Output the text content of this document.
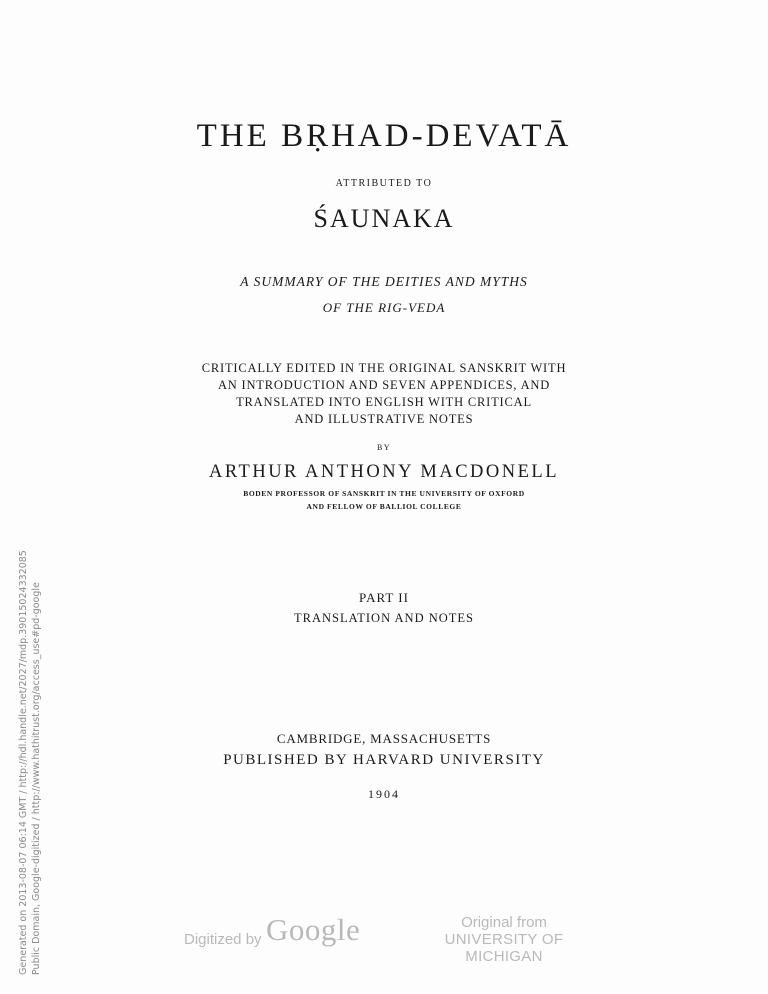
THE BṚHAD-DEVATĀ
ATTRIBUTED TO
ŚAUNAKA
A SUMMARY OF THE DEITIES AND MYTHS
OF THE RIG-VEDA
CRITICALLY EDITED IN THE ORIGINAL SANSKRIT WITH
AN INTRODUCTION AND SEVEN APPENDICES, AND
TRANSLATED INTO ENGLISH WITH CRITICAL
AND ILLUSTRATIVE NOTES
BY
ARTHUR ANTHONY MACDONELL
BODEN PROFESSOR OF SANSKRIT IN THE UNIVERSITY OF OXFORD
AND FELLOW OF BALLIOL COLLEGE
PART II
TRANSLATION AND NOTES
CAMBRIDGE, MASSACHUSETTS
PUBLISHED BY HARVARD UNIVERSITY
1904
Generated on 2013-08-07 06:14 GMT / http://hdl.handle.net/2027/mdp.39015024332085 Public Domain, Google-digitized / http://www.hathitrust.org/access_use#pd-google	Digitized by Google	Original from
UNIVERSITY OF MICHIGAN
